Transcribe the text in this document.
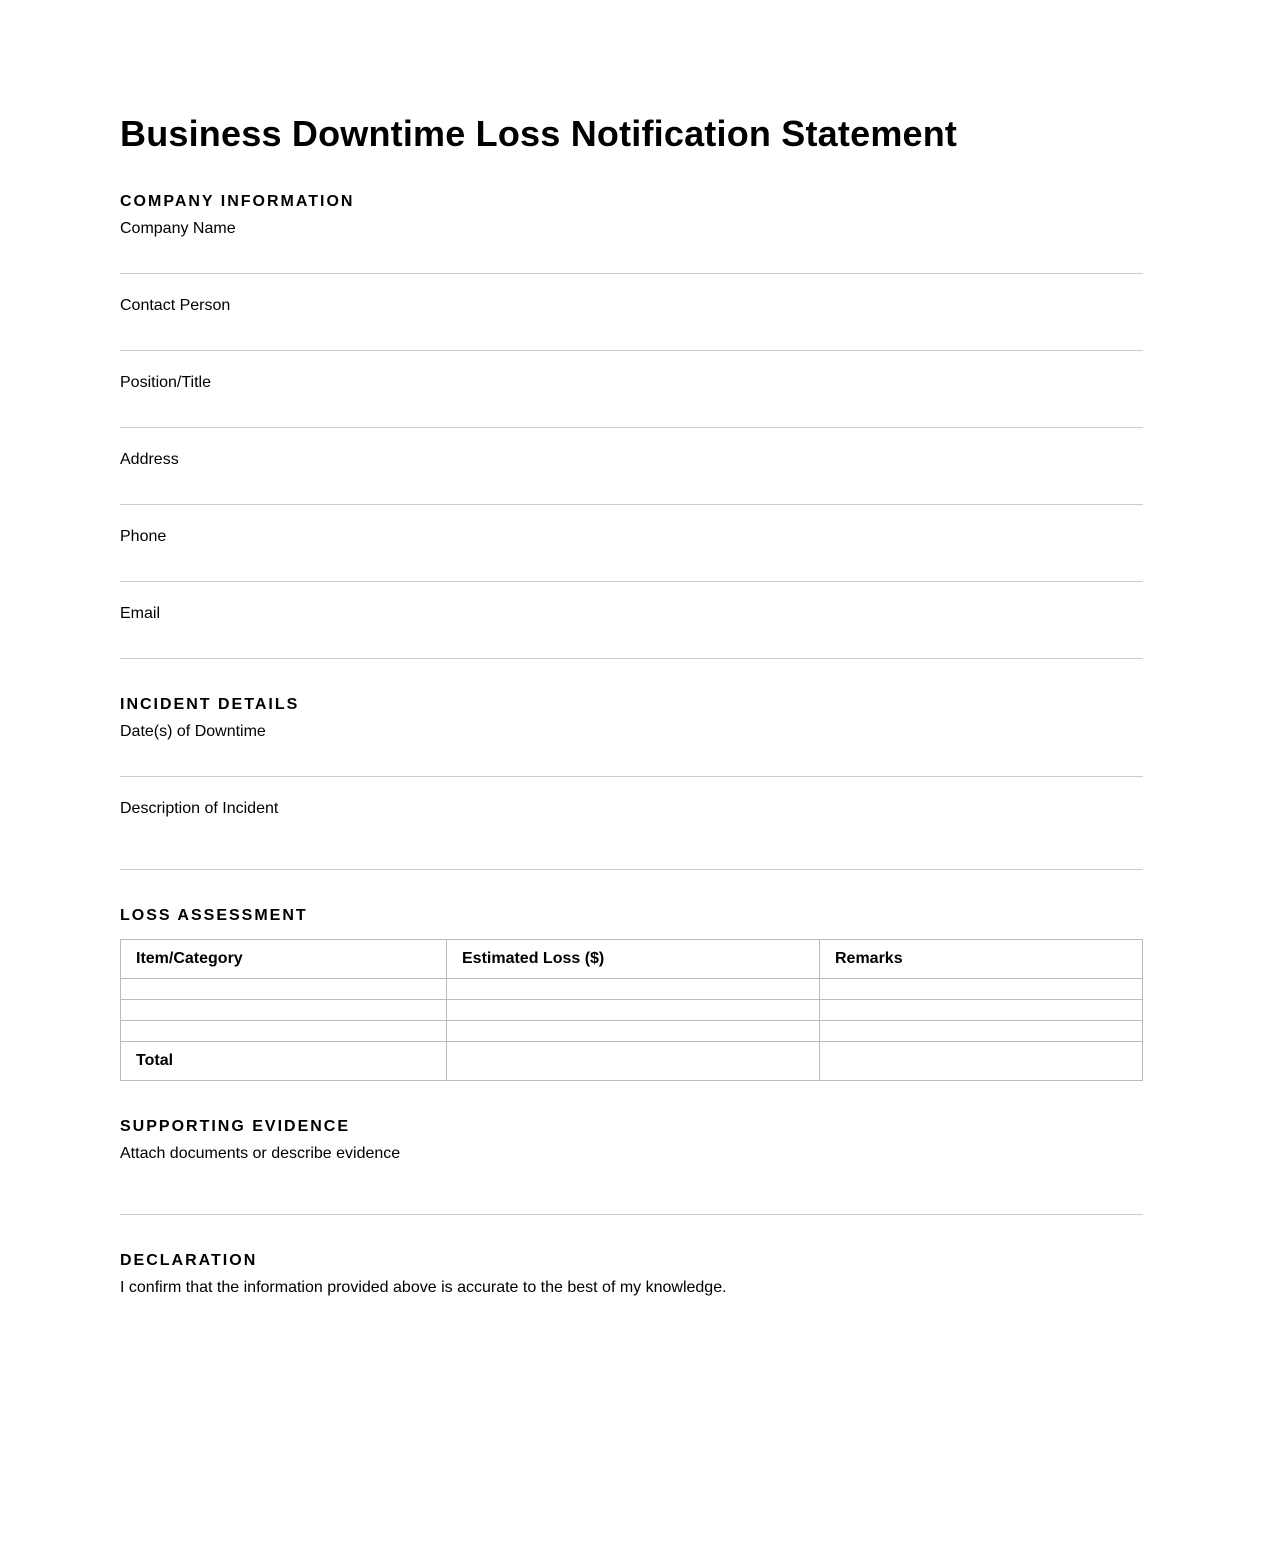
Business Downtime Loss Notification Statement
COMPANY INFORMATION
Company Name
Contact Person
Position/Title
Address
Phone
Email
INCIDENT DETAILS
Date(s) of Downtime
Description of Incident
LOSS ASSESSMENT
Item/Category	Estimated Loss ($)	Remarks

Total		
SUPPORTING EVIDENCE
Attach documents or describe evidence
DECLARATION

I confirm that the information provided above is accurate to the best of my knowledge.
